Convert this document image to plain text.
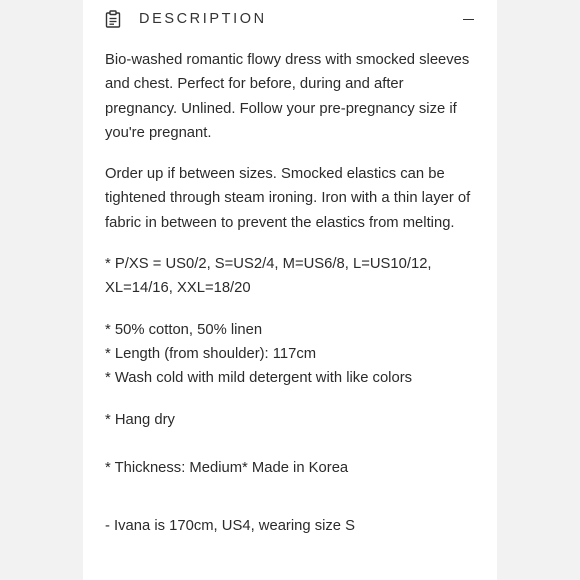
DESCRIPTION

Bio-washed romantic flowy dress with smocked sleeves and chest. Perfect for before, during and after pregnancy. Unlined. Follow your pre-pregnancy size if you're pregnant.

Order up if between sizes. Smocked elastics can be tightened through steam ironing. Iron with a thin layer of fabric in between to prevent the elastics from melting.

* P/XS = US0/2, S=US2/4, M=US6/8, L=US10/12, XL=14/16, XXL=18/20

* 50% cotton, 50% linen

* Length (from shoulder): 117cm

* Wash cold with mild detergent with like colors

* Hang dry

* Thickness: Medium* Made in Korea

- Ivana is 170cm, US4, wearing size S
